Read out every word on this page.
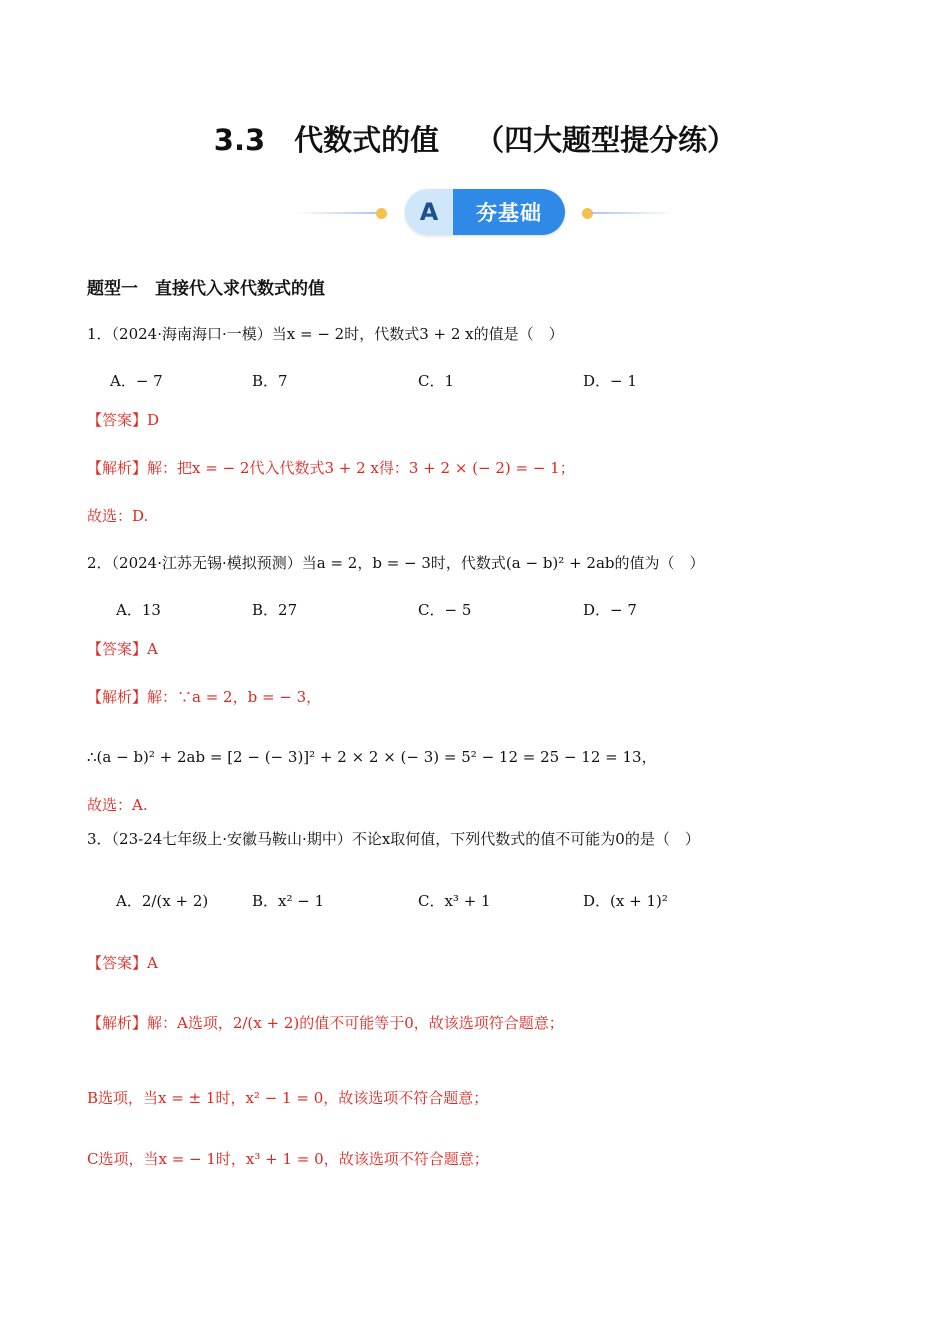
3.3　代数式的值 （四大题型提分练）
A	夯基础
题型一　直接代入求代数式的值
1．（2024·海南海口·一模）当x = − 2时，代数式3 + 2 x的值是（　）
A．− 7	B．7	C．1	D．− 1
【答案】D
【解析】解：把x = − 2代入代数式3 + 2 x得：3 + 2 × (− 2) = − 1；
故选：D.
2．（2024·江苏无锡·模拟预测）当a = 2，b = − 3时，代数式(a − b)² + 2ab的值为（　）
A．13	B．27	C．− 5	D．− 7
【答案】A
【解析】解：∵a = 2，b = − 3，
∴(a − b)² + 2ab = [2 − (− 3)]² + 2 × 2 × (− 3) = 5² − 12 = 25 − 12 = 13，
故选：A.
3．（23-24七年级上·安徽马鞍山·期中）不论x取何值，下列代数式的值不可能为0的是（　）
A．2/(x + 2)	B．x² − 1	C．x³ + 1	D．(x + 1)²
【答案】A
【解析】解：A选项，2/(x + 2)的值不可能等于0，故该选项符合题意；
B选项，当x = ± 1时，x² − 1 = 0，故该选项不符合题意；
C选项，当x = − 1时，x³ + 1 = 0，故该选项不符合题意；
